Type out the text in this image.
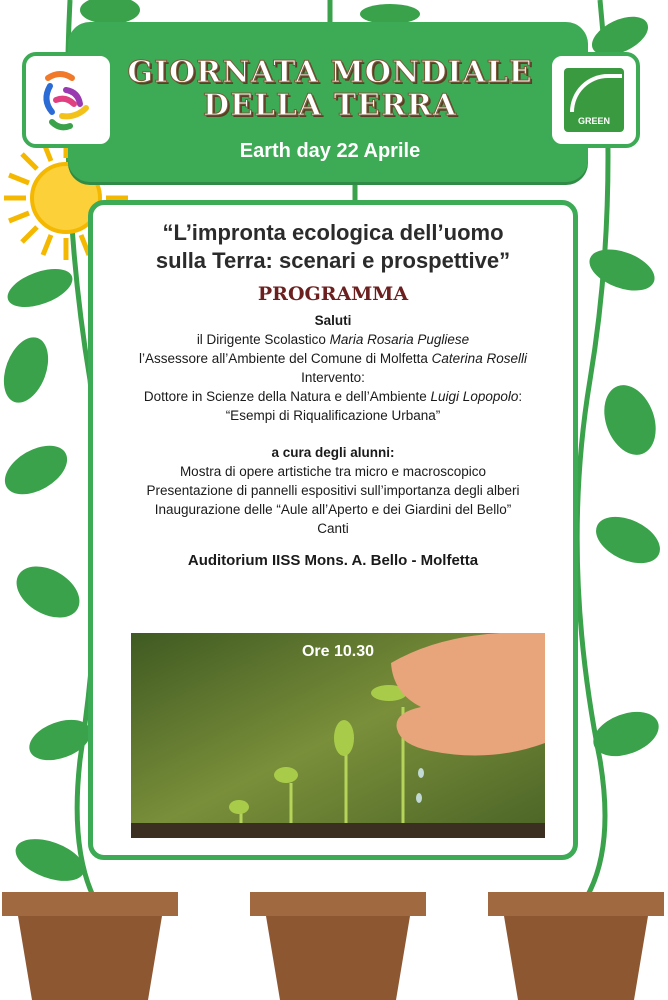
GREEN
GIORNATA MONDIALE
DELLA TERRA
Earth day 22 Aprile
“L’impronta ecologica dell’uomo
sulla Terra: scenari e prospettive”
PROGRAMMA
Saluti
il Dirigente Scolastico Maria Rosaria Pugliese
l’Assessore all’Ambiente del Comune di Molfetta Caterina Roselli
Intervento:
Dottore in Scienze della Natura e dell’Ambiente Luigi Lopopolo:
“Esempi di Riqualificazione Urbana”
a cura degli alunni:
Mostra di opere artistiche tra micro e macroscopico
Presentazione di pannelli espositivi sull’importanza degli alberi
Inaugurazione delle “Aule all’Aperto e dei Giardini del Bello”
Canti
Auditorium IISS Mons. A. Bello - Molfetta
Ore 10.30
